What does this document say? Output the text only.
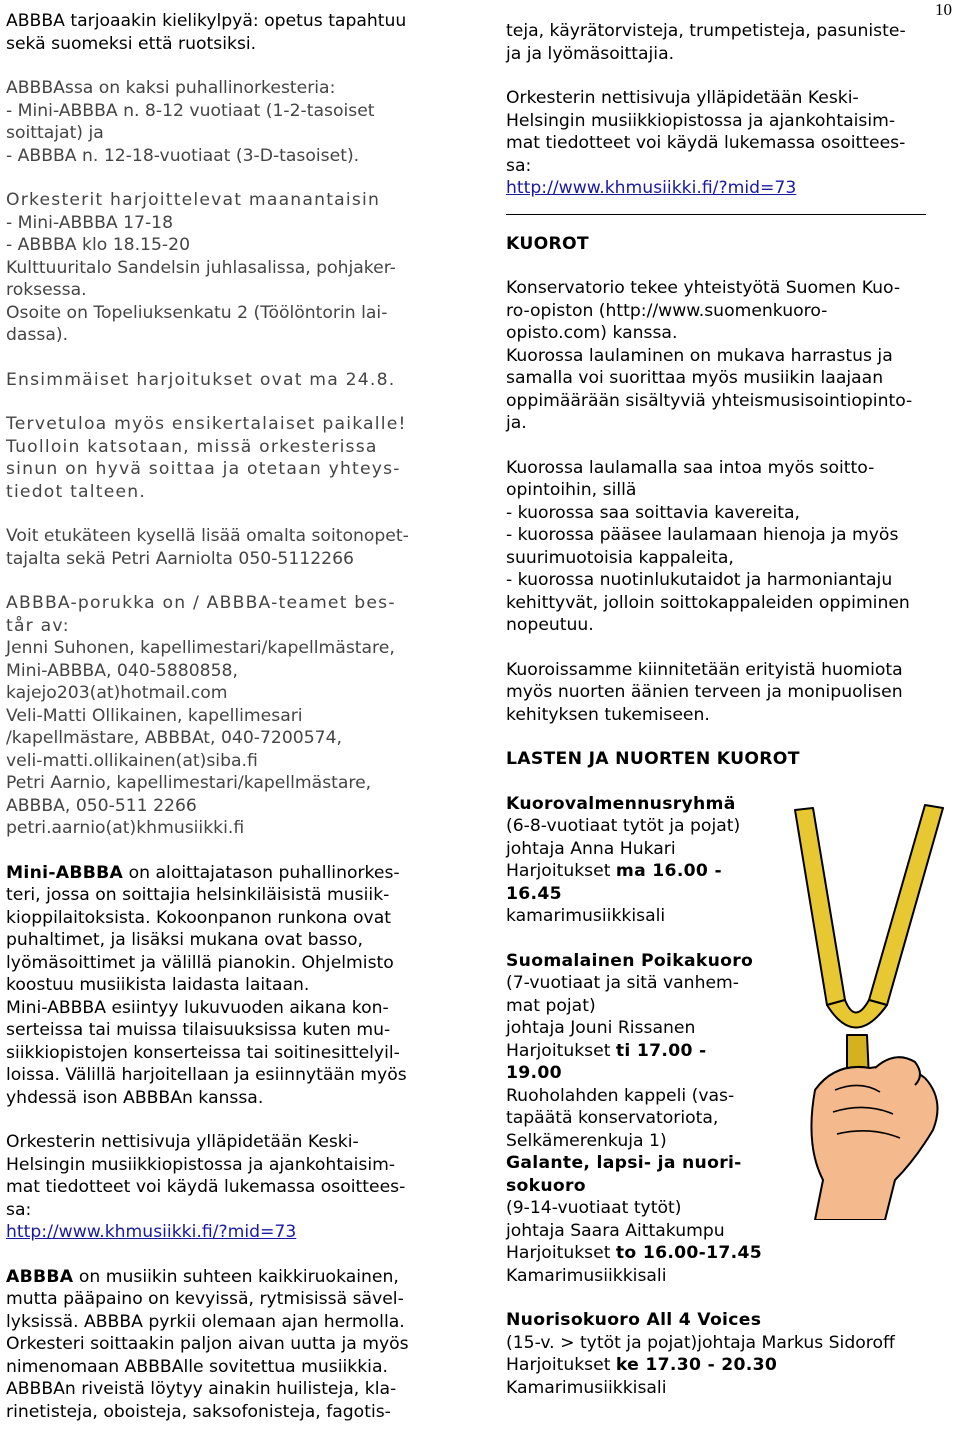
10

ABBBA tarjoaakin kielikylpyä: opetus tapahtuu
sekä suomeksi että ruotsiksi.

ABBBAssa on kaksi puhallinorkesteria:
- Mini-ABBBA n. 8-12 vuotiaat (1-2-tasoiset
soittajat) ja
- ABBBA n. 12-18-vuotiaat (3-D-tasoiset).

Orkesterit harjoittelevat maanantaisin

- Mini-ABBBA 17-18
- ABBBA klo 18.15-20
Kulttuuritalo Sandelsin juhlasalissa, pohjaker-
roksessa.
Osoite on Topeliuksenkatu 2 (Töölöntorin lai-
dassa).

Ensimmäiset harjoitukset ovat ma 24.8.

Tervetuloa myös ensikertalaiset paikalle!
Tuolloin katsotaan, missä orkesterissa
sinun on hyvä soittaa ja otetaan yhteys-
tiedot talteen.

Voit etukäteen kysellä lisää omalta soitonopet-
tajalta sekä Petri Aarniolta 050-5112266

ABBBA-porukka on / ABBBA-teamet bes-
tår av:

Jenni Suhonen, kapellimestari/kapellmästare,
Mini-ABBBA, 040-5880858,
kajejo203(at)hotmail.com
Veli-Matti Ollikainen, kapellimesari
/kapellmästare, ABBBAt, 040-7200574,
veli-matti.ollikainen(at)siba.fi
Petri Aarnio, kapellimestari/kapellmästare,
ABBBA, 050-511 2266
petri.aarnio(at)khmusiikki.fi

Mini-ABBBA on aloittajatason puhallinorkes-
teri, jossa on soittajia helsinkiläisistä musiik-
kioppilaitoksista. Kokoonpanon runkona ovat
puhaltimet, ja lisäksi mukana ovat basso,
lyömäsoittimet ja välillä pianokin. Ohjelmisto
koostuu musiikista laidasta laitaan.
Mini-ABBBA esiintyy lukuvuoden aikana kon-
serteissa tai muissa tilaisuuksissa kuten mu-
siikkiopistojen konserteissa tai soitinesittelyil-
loissa. Välillä harjoitellaan ja esiinnytään myös
yhdessä ison ABBBAn kanssa.

Orkesterin nettisivuja ylläpidetään Keski-
Helsingin musiikkiopistossa ja ajankohtaisim-
mat tiedotteet voi käydä lukemassa osoittees-
sa:

http://www.khmusiikki.fi/?mid=73

ABBBA on musiikin suhteen kaikkiruokainen,
mutta pääpaino on kevyissä, rytmisissä sävel-
lyksissä. ABBBA pyrkii olemaan ajan hermolla.
Orkesteri soittaakin paljon aivan uutta ja myös
nimenomaan ABBBAlle sovitettua musiikkia.
ABBBAn riveistä löytyy ainakin huilisteja, kla-
rinetisteja, oboisteja, saksofonisteja, fagotis-

teja, käyrätorvisteja, trumpetisteja, pasuniste-
ja ja lyömäsoittajia.

Orkesterin nettisivuja ylläpidetään Keski-
Helsingin musiikkiopistossa ja ajankohtaisim-
mat tiedotteet voi käydä lukemassa osoittees-
sa:

http://www.khmusiikki.fi/?mid=73

KUOROT

Konservatorio tekee yhteistyötä Suomen Kuo-
ro-opiston (http://www.suomenkuoro-
opisto.com) kanssa.
Kuorossa laulaminen on mukava harrastus ja
samalla voi suorittaa myös musiikin laajaan
oppimäärään sisältyviä yhteismusisointiopinto-
ja.

Kuorossa laulamalla saa intoa myös soitto-
opintoihin, sillä
- kuorossa saa soittavia kavereita,
- kuorossa pääsee laulamaan hienoja ja myös
suurimuotoisia kappaleita,
- kuorossa nuotinlukutaidot ja harmoniantaju
kehittyvät, jolloin soittokappaleiden oppiminen
nopeutuu.

Kuoroissamme kiinnitetään erityistä huomiota
myös nuorten äänien terveen ja monipuolisen
kehityksen tukemiseen.

LASTEN JA NUORTEN KUOROT

Kuorovalmennusryhmä

(6-8-vuotiaat tytöt ja pojat)
johtaja Anna Hukari

Harjoitukset ma 16.00 -
16.45

kamarimusiikkisali

Suomalainen Poikakuoro

(7-vuotiaat ja sitä vanhem-
mat pojat)
johtaja Jouni Rissanen

Harjoitukset ti 17.00 -
19.00

Ruoholahden kappeli (vas-
tapäätä konservatoriota,
Selkämerenkuja 1)

Galante, lapsi- ja nuori-
sokuoro

(9-14-vuotiaat tytöt)
johtaja Saara Aittakumpu

Harjoitukset to 16.00-17.45

Kamarimusiikkisali

Nuorisokuoro All 4 Voices

(15-v. > tytöt ja pojat)johtaja Markus Sidoroff

Harjoitukset ke 17.30 - 20.30

Kamarimusiikkisali
